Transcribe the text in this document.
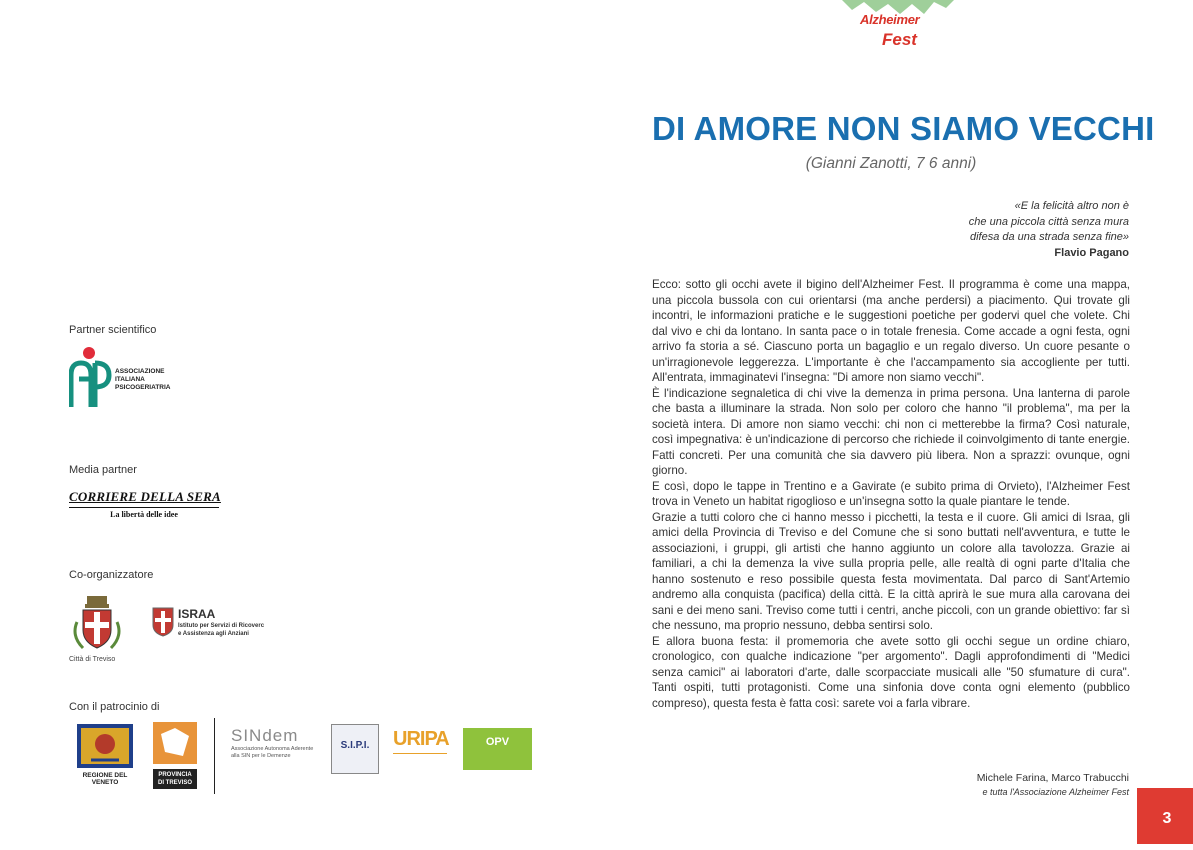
Alzheimer
Fest
Partner scientifico
ASSOCIAZIONE
ITALIANA
PSICOGERIATRIA
Media partner
CORRIERE DELLA SERA
La libertà delle idee
Co-organizzatore
Città di Treviso
ISRAA
Istituto per Servizi di Ricoverc
e Assistenza agli Anziani
Con il patrocinio di
REGIONE DEL VENETO
PROVINCIA
DI TREVISO
SINdem
Associazione Autonoma Aderente
alla SIN per le Demenze
S.I.P.I.	URIPA	OPV
DI AMORE NON SIAMO VECCHI
(Gianni Zanotti, 7 6 anni)
«E la felicità altro non è
che una piccola città senza mura
difesa da una strada senza fine»
Flavio Pagano

Ecco: sotto gli occhi avete il bigino dell'Alzheimer Fest. Il programma è come una mappa, una piccola bussola con cui orientarsi (ma anche perdersi) a piacimento. Qui trovate gli incontri, le informazioni pratiche e le suggestioni poetiche per godervi quel che volete. Chi dal vivo e chi da lontano. In santa pace o in totale frenesia. Come accade a ogni festa, ogni arrivo fa storia a sé. Ciascuno porta un bagaglio e un regalo diverso. Un cuore pesante o un'irragionevole leggerezza. L'importante è che l'accampamento sia accogliente per tutti. All'entrata, immaginatevi l'insegna: "Di amore non siamo vecchi".

È l'indicazione segnaletica di chi vive la demenza in prima persona. Una lanterna di parole che basta a illuminare la strada. Non solo per coloro che hanno "il problema", ma per la società intera. Di amore non siamo vecchi: chi non ci metterebbe la firma? Così naturale, così impegnativa: è un'indicazione di percorso che richiede il coinvolgimento di tante energie. Fatti concreti. Per una comunità che sia davvero più libera. Non a sprazzi: ovunque, ogni giorno.

E così, dopo le tappe in Trentino e a Gavirate (e subito prima di Orvieto), l'Alzheimer Fest trova in Veneto un habitat rigoglioso e un'insegna sotto la quale piantare le tende.

Grazie a tutti coloro che ci hanno messo i picchetti, la testa e il cuore. Gli amici di Israa, gli amici della Provincia di Treviso e del Comune che si sono buttati nell'avventura, e tutte le associazioni, i gruppi, gli artisti che hanno aggiunto un colore alla tavolozza. Grazie ai familiari, a chi la demenza la vive sulla propria pelle, alle realtà di ogni parte d'Italia che hanno sostenuto e reso possibile questa festa movimentata. Dal parco di Sant'Artemio andremo alla conquista (pacifica) della città. E la città aprirà le sue mura alla carovana dei sani e dei meno sani. Treviso come tutti i centri, anche piccoli, con un grande obiettivo: far sì che nessuno, ma proprio nessuno, debba sentirsi solo.

E allora buona festa: il promemoria che avete sotto gli occhi segue un ordine chiaro, cronologico, con qualche indicazione "per argomento". Dagli approfondimenti di "Medici senza camici" ai laboratori d'arte, dalle scorpacciate musicali alle "50 sfumature di cura". Tanti ospiti, tutti protagonisti. Come una sinfonia dove conta ogni elemento (pubblico compreso), questa festa è fatta così: sarete voi a farla vibrare.

Michele Farina, Marco Trabucchi
e tutta l'Associazione Alzheimer Fest
3
